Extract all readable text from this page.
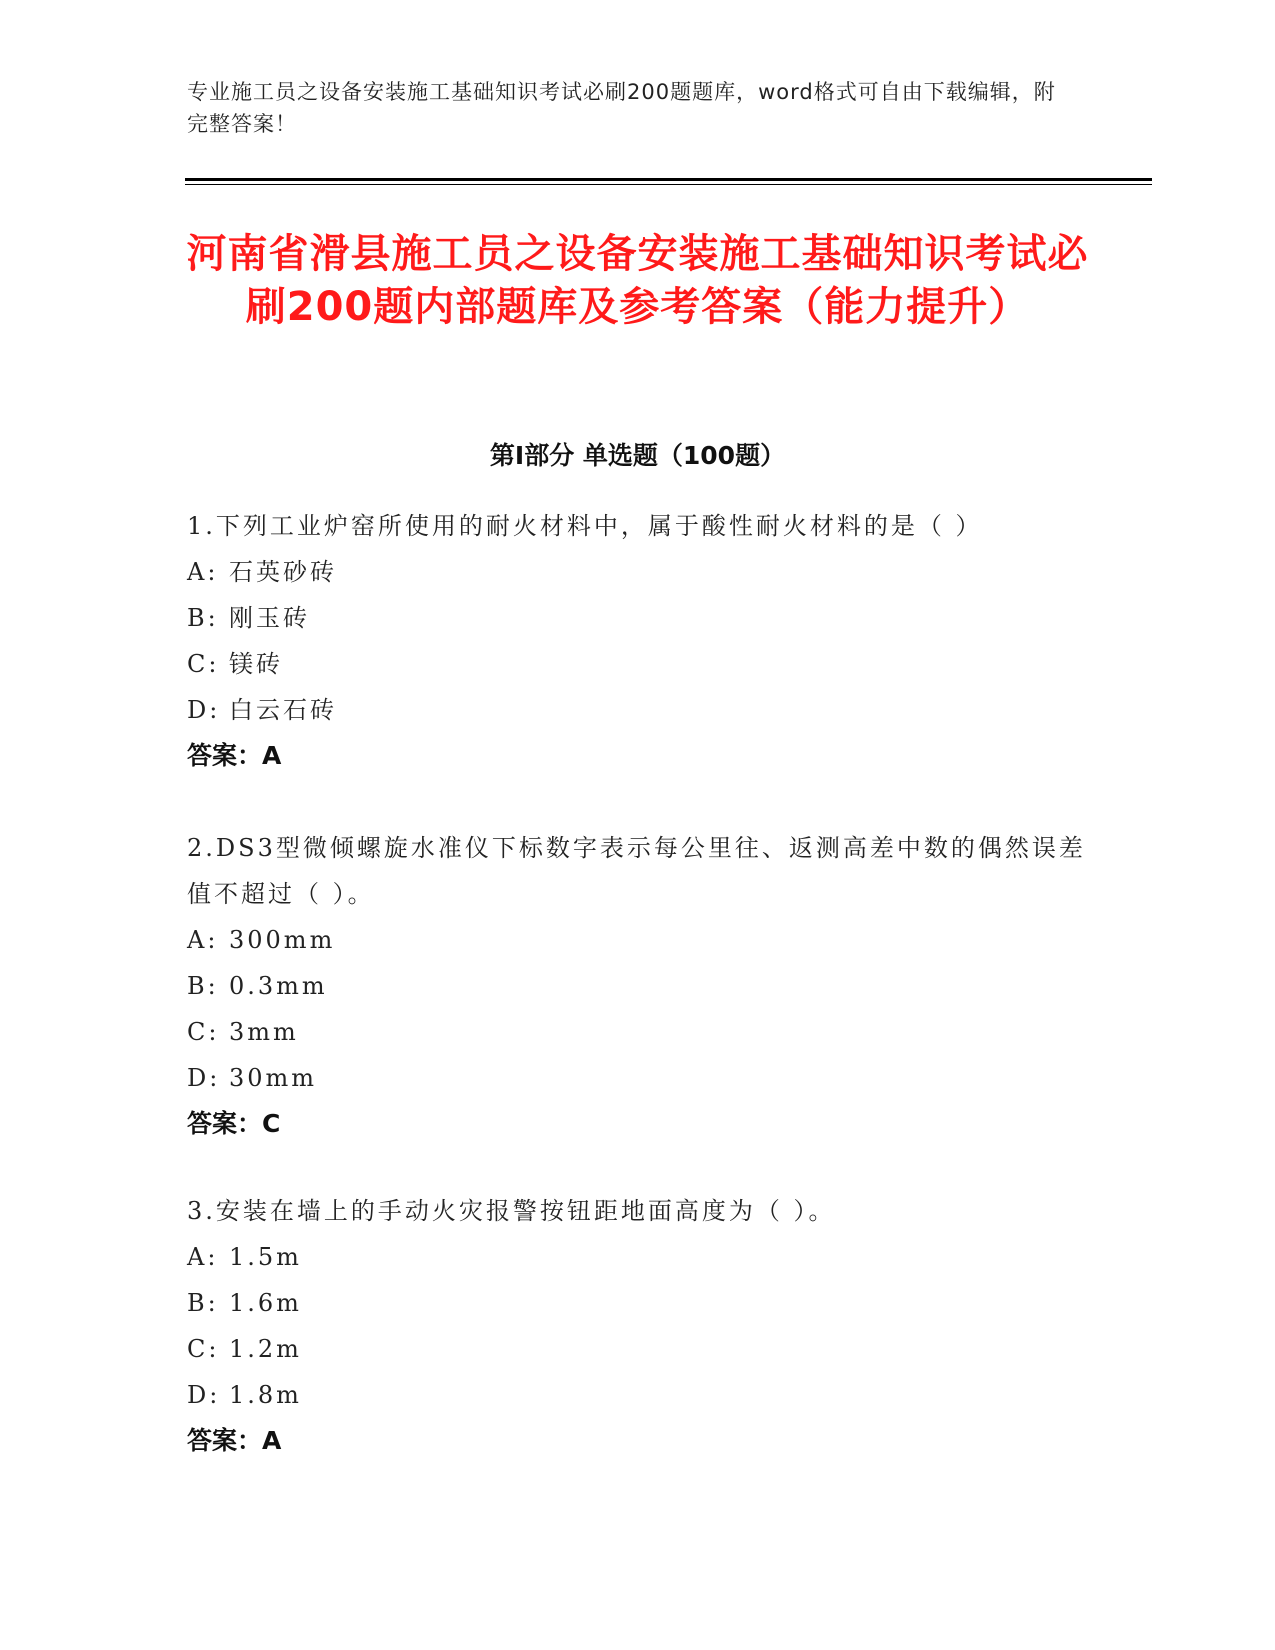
专业施工员之设备安装施工基础知识考试必刷200题题库，word格式可自由下载编辑，附完整答案！
河南省滑县施工员之设备安装施工基础知识考试必刷200题内部题库及参考答案（能力提升）
第I部分 单选题（100题）
1.下列工业炉窑所使用的耐火材料中，属于酸性耐火材料的是（ ）
A: 石英砂砖
B: 刚玉砖
C: 镁砖
D: 白云石砖
答案：A
2.DS3型微倾螺旋水准仪下标数字表示每公里往、返测高差中数的偶然误差值不超过（ ）。
A: 300mm
B: 0.3mm
C: 3mm
D: 30mm
答案：C
3.安装在墙上的手动火灾报警按钮距地面高度为（ ）。
A: 1.5m
B: 1.6m
C: 1.2m
D: 1.8m
答案：A
